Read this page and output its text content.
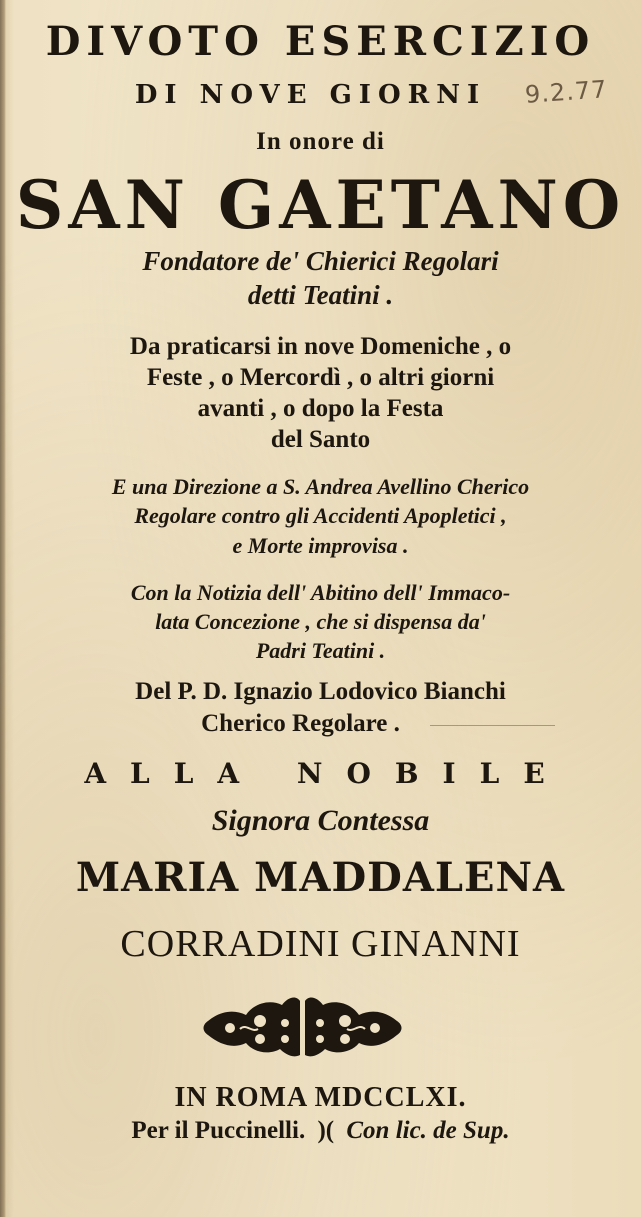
DIVOTO ESERCIZIO
DI NOVE GIORNI	9.2.77
In onore di
SAN GAETANO
Fondatore de' Chierici Regolari
detti Teatini .
Da praticarsi in nove Domeniche , o
Feste , o Mercordì , o altri giorni
avanti , o dopo la Festa
del Santo
E una Direzione a S. Andrea Avellino Cherico
Regolare contro gli Accidenti Apopletici ,
e Morte improvisa .
Con la Notizia dell' Abitino dell' Immaco-
lata Concezione , che si dispensa da'
Padri Teatini .
Del P. D. Ignazio Lodovico Bianchi
Cherico Regolare .
ALLA NOBILE
Signora Contessa
MARIA MADDALENA
CORRADINI GINANNI
IN ROMA MDCCLXI.
Per il Puccinelli. )( Con lic. de Sup.
